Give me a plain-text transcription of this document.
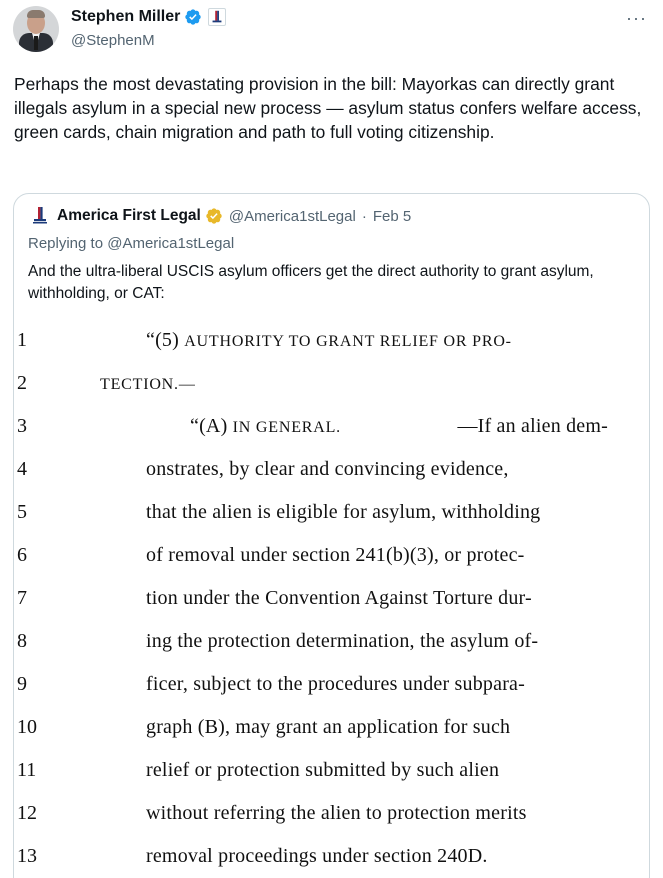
Stephen Miller
@StephenM
···
Perhaps the most devastating provision in the bill: Mayorkas can directly grant illegals asylum in a special new process — asylum status confers welfare access, green cards, chain migration and path to full voting citizenship.
America First Legal @America1stLegal · Feb 5
Replying to @America1stLegal
And the ultra-liberal USCIS asylum officers get the direct authority to grant asylum, withholding, or CAT:
1
2
3
4
5
6
7
8
9
10
11
12
13
“(5) AUTHORITY TO GRANT RELIEF OR PRO-
TECTION.—
“(A) IN GENERAL.	—If an alien dem-
onstrates, by clear and convincing evidence,
that the alien is eligible for asylum, withholding
of removal under section 241(b)(3), or protec-
tion under the Convention Against Torture dur-
ing the protection determination, the asylum of-
ficer, subject to the procedures under subpara-
graph (B), may grant an application for such
relief or protection submitted by such alien
without referring the alien to protection merits
removal proceedings under section 240D.
